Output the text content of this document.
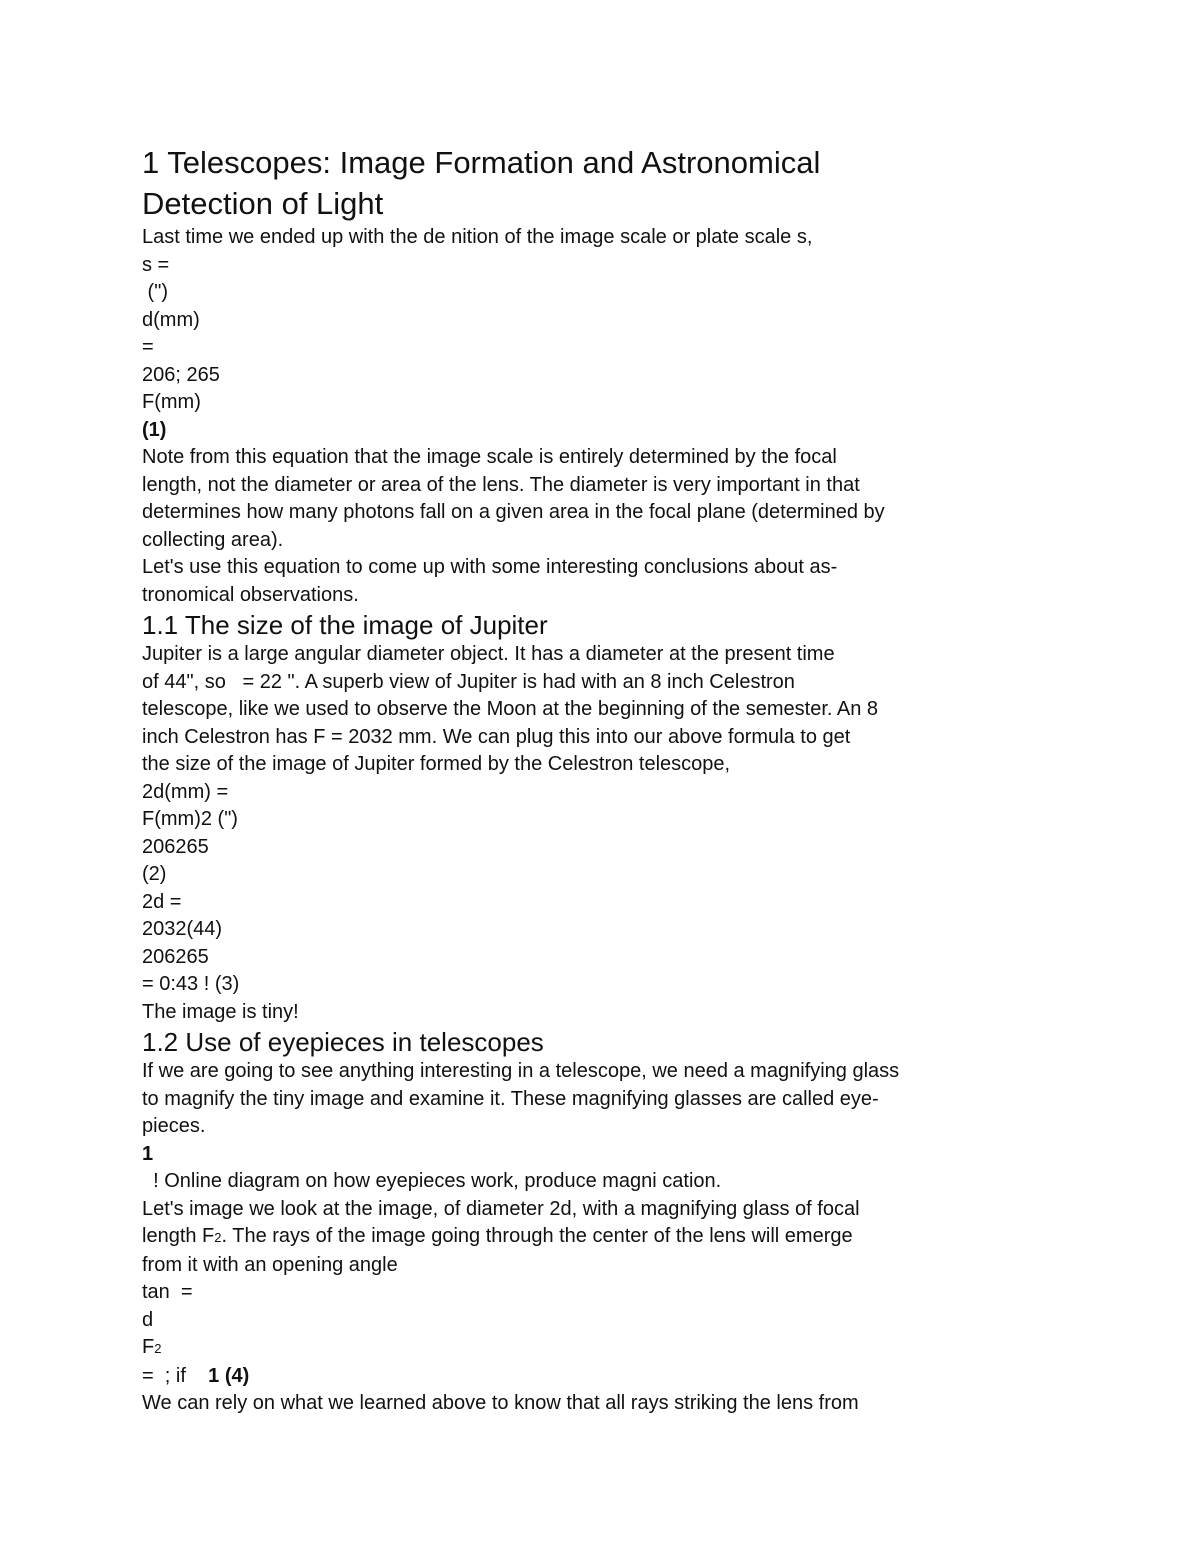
1 Telescopes: Image Formation and Astronomical
Detection of Light
Last time we ended up with the de nition of the image scale or plate scale s,
s =
(")
d(mm)
=
206; 265
F(mm)
(1)
Note from this equation that the image scale is entirely determined by the focal
length, not the diameter or area of the lens. The diameter is very important in that
determines how many photons fall on a given area in the focal plane (determined by
collecting area).
Let's use this equation to come up with some interesting conclusions about as-
tronomical observations.
1.1 The size of the image of Jupiter
Jupiter is a large angular diameter object. It has a diameter at the present time
of 44", so   = 22 ". A superb view of Jupiter is had with an 8 inch Celestron
telescope, like we used to observe the Moon at the beginning of the semester. An 8
inch Celestron has F = 2032 mm. We can plug this into our above formula to get
the size of the image of Jupiter formed by the Celestron telescope,
2d(mm) =
F(mm)2 (")
206265
(2)
2d =
2032(44)
206265
= 0:43 ! (3)
The image is tiny!
1.2 Use of eyepieces in telescopes
If we are going to see anything interesting in a telescope, we need a magnifying glass
to magnify the tiny image and examine it. These magnifying glasses are called eye-
pieces.
1
! Online diagram on how eyepieces work, produce magni cation.
Let's image we look at the image, of diameter 2d, with a magnifying glass of focal
length F2. The rays of the image going through the center of the lens will emerge
from it with an opening angle
tan  =
d
F2
=  ; if    1 (4)
We can rely on what we learned above to know that all rays striking the lens from
